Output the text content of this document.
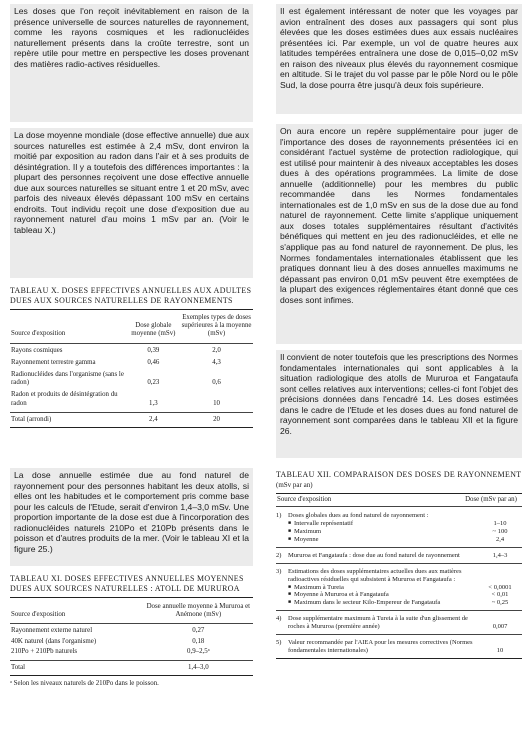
Les doses que l'on reçoit inévitablement en raison de la présence universelle de sources naturelles de rayonnement, comme les rayons cosmiques et les radionucléides naturellement présents dans la croûte terrestre, sont un repère utile pour mettre en perspective les doses provenant des matières radio-actives résiduelles.

La dose moyenne mondiale (dose effective annuelle) due aux sources naturelles est estimée à 2,4 mSv, dont environ la moitié par exposition au radon dans l'air et à ses produits de désintégration. Il y a toutefois des différences importantes : la plupart des personnes reçoivent une dose effective annuelle due aux sources naturelles se situant entre 1 et 20 mSv, avec parfois des niveaux élevés dépassant 100 mSv en certains endroits. Tout individu reçoit une dose d'exposition due au rayonnement naturel d'au moins 1 mSv par an. (Voir le tableau X.)

TABLEAU X. DOSES EFFECTIVES ANNUELLES AUX ADULTES DUES AUX SOURCES NATURELLES DE RAYONNEMENTS

Source d'exposition	Dose globale moyenne (mSv)	Exemples types de doses supérieures à la moyenne (mSv)
Rayons cosmiques	0,39	2,0

Rayonnement terrestre gamma	0,46	4,3

Radionucléides dans l'organisme (sans le radon)	0,23	0,6

Radon et produits de désintégration du radon	1,3	10
Total (arrondi)	2,4	20

La dose annuelle estimée due au fond naturel de rayonnement pour des personnes habitant les deux atolls, si elles ont les habitudes et le comportement pris comme base pour les calculs de l'Etude, serait d'environ 1,4–3,0 mSv. Une proportion importante de la dose est due à l'incorporation des radionucléides naturels 210Po et 210Pb présents dans le poisson et d'autres produits de la mer. (Voir le tableau XI et la figure 25.)

TABLEAU XI. DOSES EFFECTIVES ANNUELLES MOYENNES DUES AUX SOURCES NATURELLES : ATOLL DE MURUROA

Source d'exposition	Dose annuelle moyenne à Mururoa et Anémone (mSv)
Rayonnement externe naturel	0,27

40K naturel (dans l'organisme)	0,18

210Po + 210Pb naturels	0,9–2,5ᵃ
Total	1,4–3,0

ᵃ Selon les niveaux naturels de 210Po dans le poisson.

Il est également intéressant de noter que les voyages par avion entraînent des doses aux passagers qui sont plus élevées que les doses estimées dues aux essais nucléaires présentées ici. Par exemple, un vol de quatre heures aux latitudes tempérées entraînera une dose de 0,015–0,02 mSv en raison des niveaux plus élevés du rayonnement cosmique en altitude. Si le trajet du vol passe par le pôle Nord ou le pôle Sud, la dose pourra être jusqu'à deux fois supérieure.

On aura encore un repère supplémentaire pour juger de l'importance des doses de rayonnements présentées ici en considérant l'actuel système de protection radiologique, qui est utilisé pour maintenir à des niveaux acceptables les doses dues à des opérations programmées. La limite de dose annuelle (additionnelle) pour les membres du public recommandée dans les Normes fondamentales internationales est de 1,0 mSv en sus de la dose due au fond naturel de rayonnement. Cette limite s'applique uniquement aux doses totales supplémentaires résultant d'activités bénéfiques qui mettent en jeu des radionucléides, et elle ne s'applique pas au fond naturel de rayonnement. De plus, les Normes fondamentales internationales établissent que les pratiques donnant lieu à des doses annuelles maximums ne dépassant pas environ 0,01 mSv peuvent être exemptées de la plupart des exigences réglementaires étant donné que ces doses sont infimes.

Il convient de noter toutefois que les prescriptions des Normes fondamentales internationales qui sont applicables à la situation radiologique des atolls de Mururoa et Fangataufa sont celles relatives aux interventions; celles-ci font l'objet des précisions données dans l'encadré 14. Les doses estimées dans le cadre de l'Etude et les doses dues au fond naturel de rayonnement sont comparées dans le tableau XII et la figure 26.

TABLEAU XII. COMPARAISON DES DOSES DE RAYONNEMENT (mSv par an)

Source d'exposition	Dose (mSv par an)
1)	Doses globales dues au fond naturel de rayonnement :
■ Intervalle représentatif	1–10
■ Maximum	~ 100
■ Moyenne	2,4
2)	Mururoa et Fangataufa : dose due au fond naturel de rayonnement	1,4–3
3)	Estimations des doses supplémentaires actuelles dues aux matières radioactives résiduelles qui subsistent à Mururoa et Fangataufa :
■ Maximum à Tureia	< 0,0001
■ Moyenne à Mururoa et à Fangataufa	< 0,01
■ Maximum dans le secteur Kilo-Empereur de Fangataufa	~ 0,25
4)	Dose supplémentaire maximum à Tureia à la suite d'un glissement de roches à Mururoa (première année)	0,007
5)	Valeur recommandée par l'AIEA pour les mesures correctives (Normes fondamentales internationales)	10
